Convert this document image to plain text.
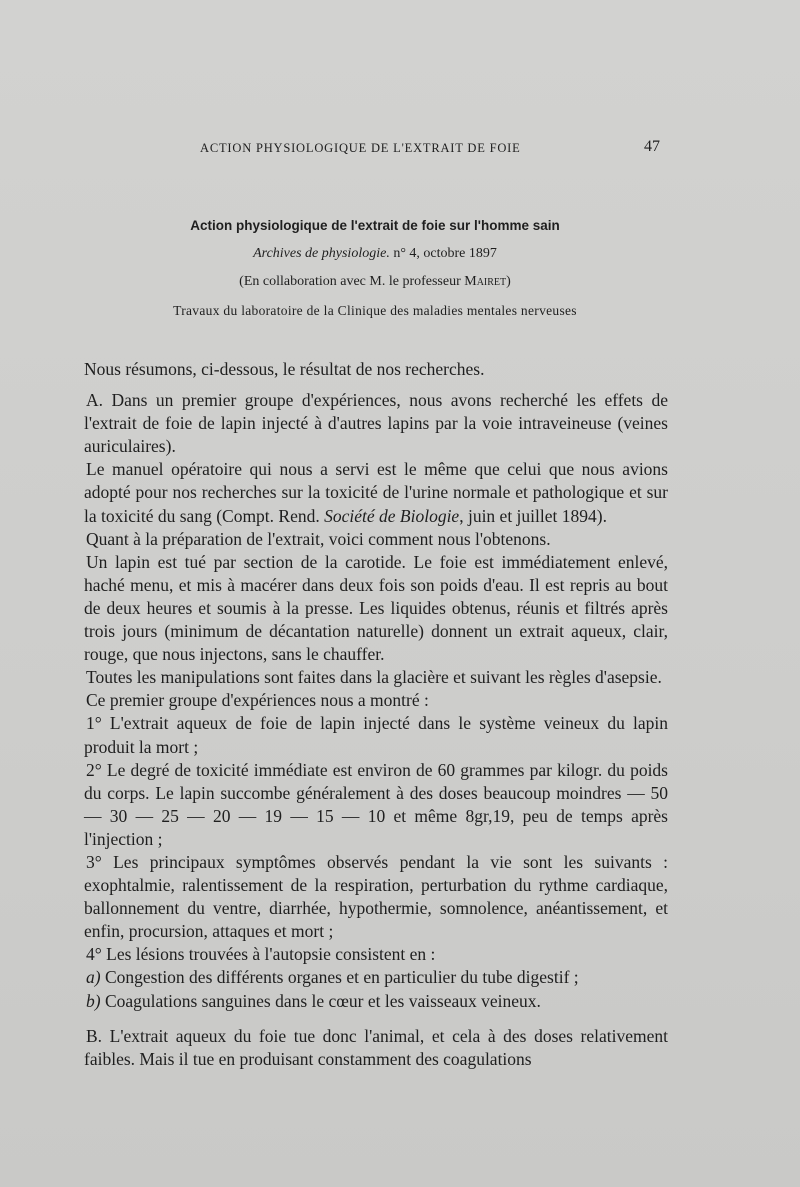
ACTION PHYSIOLOGIQUE DE L'EXTRAIT DE FOIE	47
Action physiologique de l'extrait de foie sur l'homme sain
Archives de physiologie. n° 4, octobre 1897
(En collaboration avec M. le professeur Mairet)
Travaux du laboratoire de la Clinique des maladies mentales nerveuses

Nous résumons, ci-dessous, le résultat de nos recherches.

A. Dans un premier groupe d'expériences, nous avons recherché les effets de l'extrait de foie de lapin injecté à d'autres lapins par la voie intraveineuse (veines auriculaires).

Le manuel opératoire qui nous a servi est le même que celui que nous avions adopté pour nos recherches sur la toxicité de l'urine normale et pathologique et sur la toxicité du sang (Compt. Rend. Société de Biologie, juin et juillet 1894).

Quant à la préparation de l'extrait, voici comment nous l'obtenons.

Un lapin est tué par section de la carotide. Le foie est immédiatement enlevé, haché menu, et mis à macérer dans deux fois son poids d'eau. Il est repris au bout de deux heures et soumis à la presse. Les liquides obtenus, réunis et filtrés après trois jours (minimum de décantation naturelle) donnent un extrait aqueux, clair, rouge, que nous injectons, sans le chauffer.

Toutes les manipulations sont faites dans la glacière et suivant les règles d'asepsie.

Ce premier groupe d'expériences nous a montré :

1° L'extrait aqueux de foie de lapin injecté dans le système veineux du lapin produit la mort ;

2° Le degré de toxicité immédiate est environ de 60 grammes par kilogr. du poids du corps. Le lapin succombe généralement à des doses beaucoup moindres — 50 — 30 — 25 — 20 — 19 — 15 — 10 et même 8gr,19, peu de temps après l'injection ;

3° Les principaux symptômes observés pendant la vie sont les suivants : exophtalmie, ralentissement de la respiration, perturbation du rythme cardiaque, ballonnement du ventre, diarrhée, hypothermie, somnolence, anéantissement, et enfin, procursion, attaques et mort ;

4° Les lésions trouvées à l'autopsie consistent en :

a) Congestion des différents organes et en particulier du tube digestif ;

b) Coagulations sanguines dans le cœur et les vaisseaux veineux.

B. L'extrait aqueux du foie tue donc l'animal, et cela à des doses relativement faibles. Mais il tue en produisant constamment des coagulations
